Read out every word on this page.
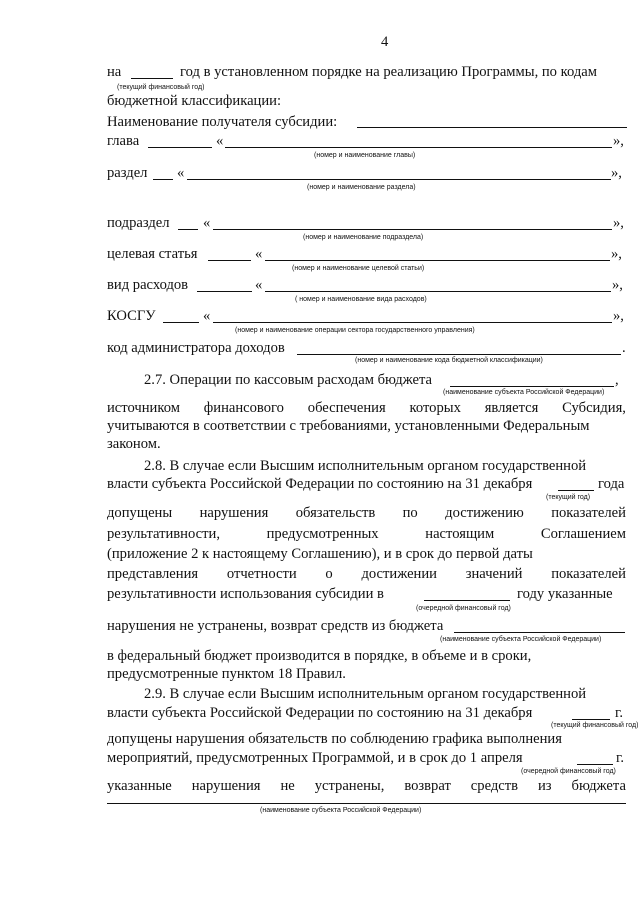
4
на	год в установленном порядке на реализацию Программы, по кодам
(текущий финансовый год)
бюджетной классификации:
Наименование получателя субсидии:
глава	«	»,
(номер и наименование главы)
раздел «	»,
(номер и наименование раздела)
подраздел «	»,
(номер и наименование подраздела)
целевая статья	«	»,
(номер и наименование целевой статьи)
вид расходов	«	»,
( номер и наименование вида расходов)
КОСГУ	«	»,
(номер и наименование операции сектора государственного управления)
код администратора доходов	.
(номер и наименование кода бюджетной классификации)
2.7. Операции по кассовым расходам бюджета	,
(наименование субъекта Российской Федерации)
источником финансового обеспечения которых является Субсидия,
учитываются в соответствии с требованиями, установленными Федеральным
законом.
2.8. В случае если Высшим исполнительным органом государственной
власти субъекта Российской Федерации по состоянию на 31 декабря	года
(текущий год)
допущены нарушения обязательств по достижению показателей
результативности,	предусмотренных	настоящим	Соглашением
(приложение 2 к настоящему Соглашению), и в срок до первой даты
представления отчетности о достижении значений показателей
результативности использования субсидии в	году указанные
(очередной финансовый год)
нарушения не устранены, возврат средств из бюджета
(наименование субъекта Российской Федерации)
в федеральный бюджет производится в порядке, в объеме и в сроки,
предусмотренные пунктом 18 Правил.
2.9. В случае если Высшим исполнительным органом государственной
власти субъекта Российской Федерации по состоянию на 31 декабря	г.
(текущий финансовый год)
допущены нарушения обязательств по соблюдению графика выполнения
мероприятий, предусмотренных Программой, и в срок до 1 апреля	г.
(очередной финансовый год)
указанные нарушения не устранены, возврат средств из бюджета
(наименование субъекта Российской Федерации)
